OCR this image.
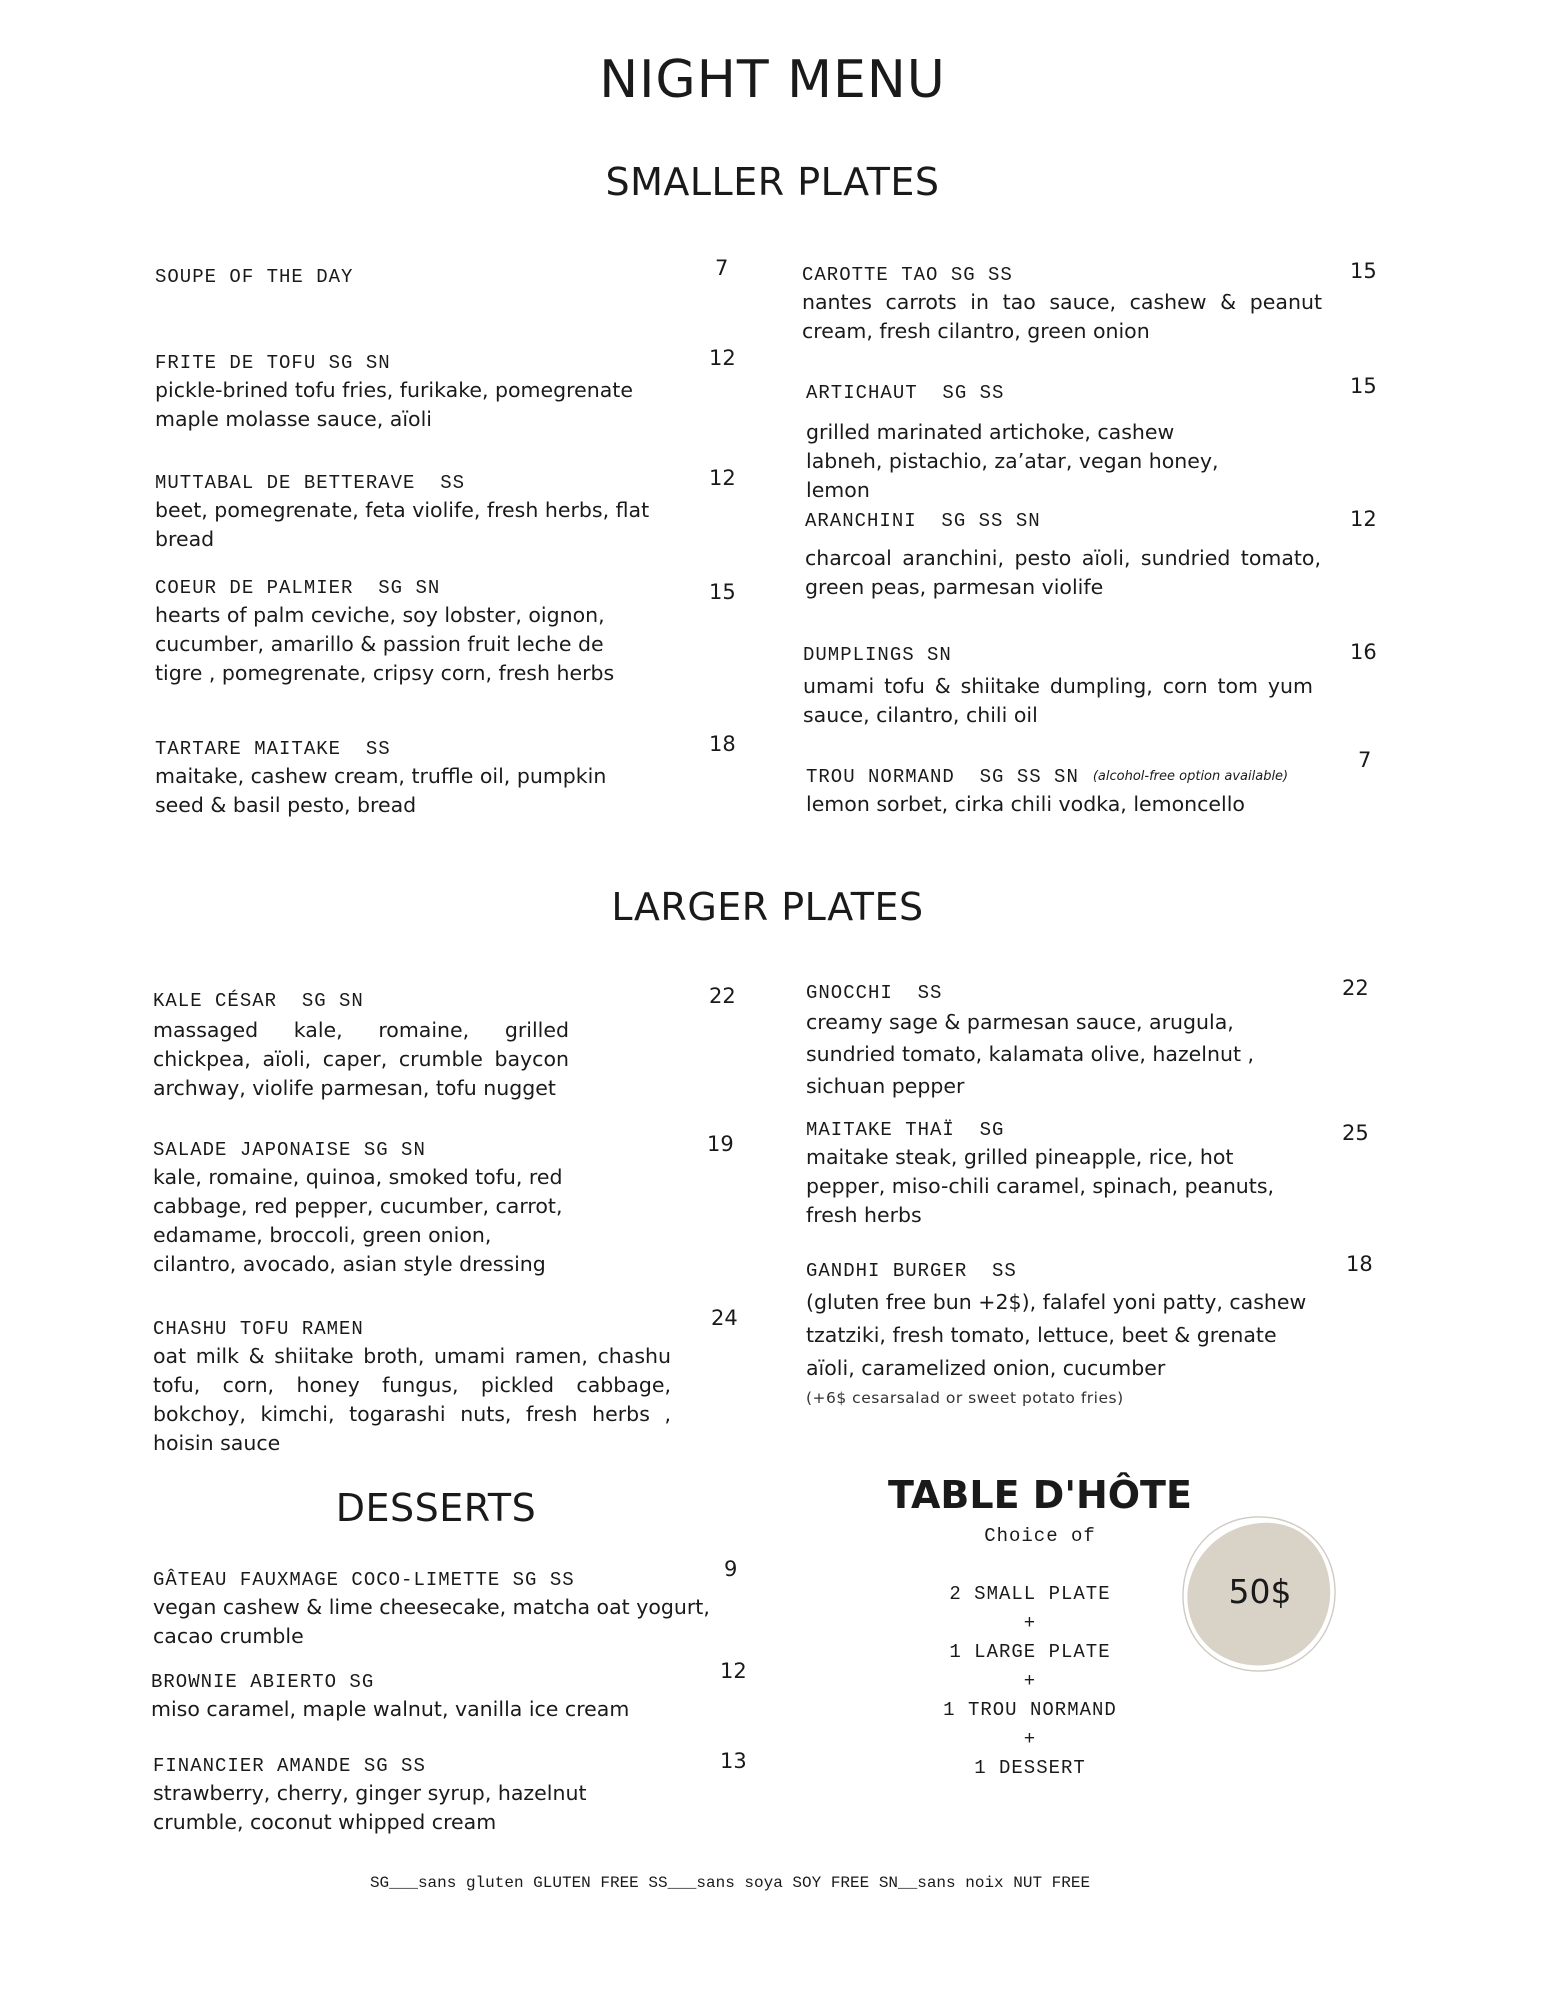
NIGHT MENU
SMALLER PLATES
SOUPE OF THE DAY	7
FRITE DE TOFU SG SN
pickle-brined tofu fries, furikake, pomegrenate maple molasse sauce, aïoli
12
MUTTABAL DE BETTERAVE  SS
beet, pomegrenate, feta violife, fresh herbs, flat bread
12
COEUR DE PALMIER  SG SN
hearts of palm ceviche, soy lobster, oignon, cucumber, amarillo & passion fruit leche de tigre , pomegrenate, cripsy corn, fresh herbs
15
TARTARE MAITAKE  SS
maitake, cashew cream, truffle oil, pumpkin seed & basil pesto, bread
18
CAROTTE TAO SG SS
nantes carrots in tao sauce, cashew & peanut cream, fresh cilantro, green onion
15
ARTICHAUT  SG SS
grilled marinated artichoke, cashew labneh, pistachio, za’atar, vegan honey, lemon
15
ARANCHINI  SG SS SN
charcoal aranchini, pesto aïoli, sundried tomato, green peas, parmesan violife
12
DUMPLINGS SN
umami tofu & shiitake dumpling, corn tom yum sauce, cilantro, chili oil
16
TROU NORMAND  SG SS SN (alcohol-free option available)
lemon sorbet, cirka chili vodka, lemoncello
7
LARGER PLATES
KALE CÉSAR  SG SN
massaged kale, romaine, grilled chickpea, aïoli, caper, crumble baycon archway, violife parmesan, tofu nugget
22
SALADE JAPONAISE SG SN
kale, romaine, quinoa, smoked tofu, red cabbage, red pepper, cucumber, carrot, edamame, broccoli, green onion, cilantro, avocado, asian style dressing
19
CHASHU TOFU RAMEN
oat milk & shiitake broth, umami ramen, chashu tofu, corn, honey fungus, pickled cabbage, bokchoy, kimchi, togarashi nuts, fresh herbs , hoisin sauce
24
GNOCCHI  SS
creamy sage & parmesan sauce, arugula, sundried tomato, kalamata olive, hazelnut , sichuan pepper
22
MAITAKE THAÏ  SG
maitake steak, grilled pineapple, rice, hot pepper, miso-chili caramel, spinach, peanuts, fresh herbs
25
GANDHI BURGER  SS
(gluten free bun +2$), falafel yoni patty, cashew tzatziki, fresh tomato, lettuce, beet & grenate aïoli, caramelized onion, cucumber
(+6$ cesarsalad or sweet potato fries)
18
DESSERTS
GÂTEAU FAUXMAGE COCO-LIMETTE SG SS
vegan cashew & lime cheesecake, matcha oat yogurt, cacao crumble
9
BROWNIE ABIERTO SG
miso caramel, maple walnut, vanilla ice cream
12
FINANCIER AMANDE SG SS
strawberry, cherry, ginger syrup, hazelnut crumble, coconut whipped cream
13
TABLE D'HÔTE
Choice of
2 SMALL PLATE
+
1 LARGE PLATE
+
1 TROU NORMAND
+
1 DESSERT
50$
SG___sans gluten GLUTEN FREE SS___sans soya SOY FREE SN__sans noix NUT FREE
